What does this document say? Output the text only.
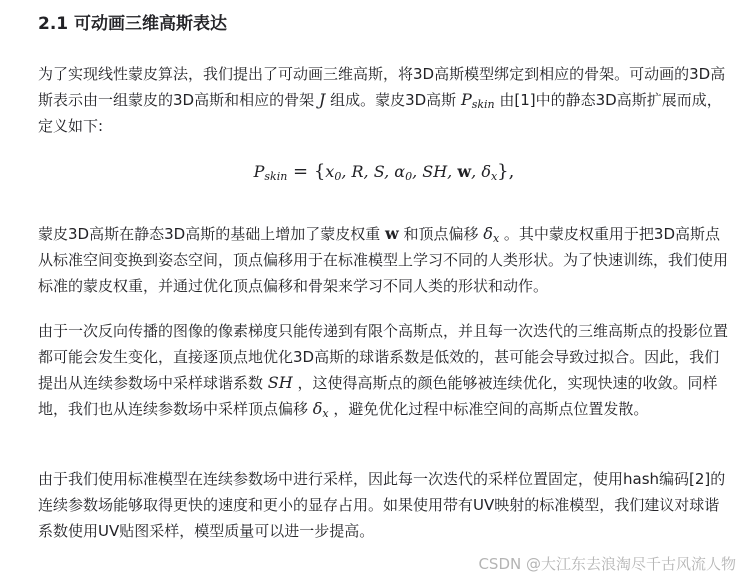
2.1 可动画三维高斯表达
为了实现线性蒙皮算法，我们提出了可动画三维高斯，将3D高斯模型绑定到相应的骨架。可动画的3D高斯表示由一组蒙皮的3D高斯和相应的骨架 J 组成。蒙皮3D高斯 $P_{skin}$ 由[1]中的静态3D高斯扩展而成，定义如下:
$P_{skin} = \{x_0$, R, S, $\alpha_0$, SH, w, $\delta_x$},
蒙皮3D高斯在静态3D高斯的基础上增加了蒙皮权重 w 和顶点偏移 $\delta_x$ 。其中蒙皮权重用于把3D高斯点从标准空间变换到姿态空间，顶点偏移用于在标准模型上学习不同的人类形状。为了快速训练，我们使用标准的蒙皮权重，并通过优化顶点偏移和骨架来学习不同人类的形状和动作。
由于一次反向传播的图像的像素梯度只能传递到有限个高斯点，并且每一次迭代的三维高斯点的投影位置都可能会发生变化，直接逐顶点地优化3D高斯的球谐系数是低效的，甚可能会导致过拟合。因此，我们提出从连续参数场中采样球谐系数 SH ，这使得高斯点的颜色能够被连续优化，实现快速的收敛。同样地，我们也从连续参数场中采样顶点偏移 $\delta_x$ ，避免优化过程中标准空间的高斯点位置发散。
由于我们使用标准模型在连续参数场中进行采样，因此每一次迭代的采样位置固定，使用hash编码[2]的连续参数场能够取得更快的速度和更小的显存占用。如果使用带有UV映射的标准模型，我们建议对球谐系数使用UV贴图采样，模型质量可以进一步提高。
CSDN @大江东去浪淘尽千古风流人物
